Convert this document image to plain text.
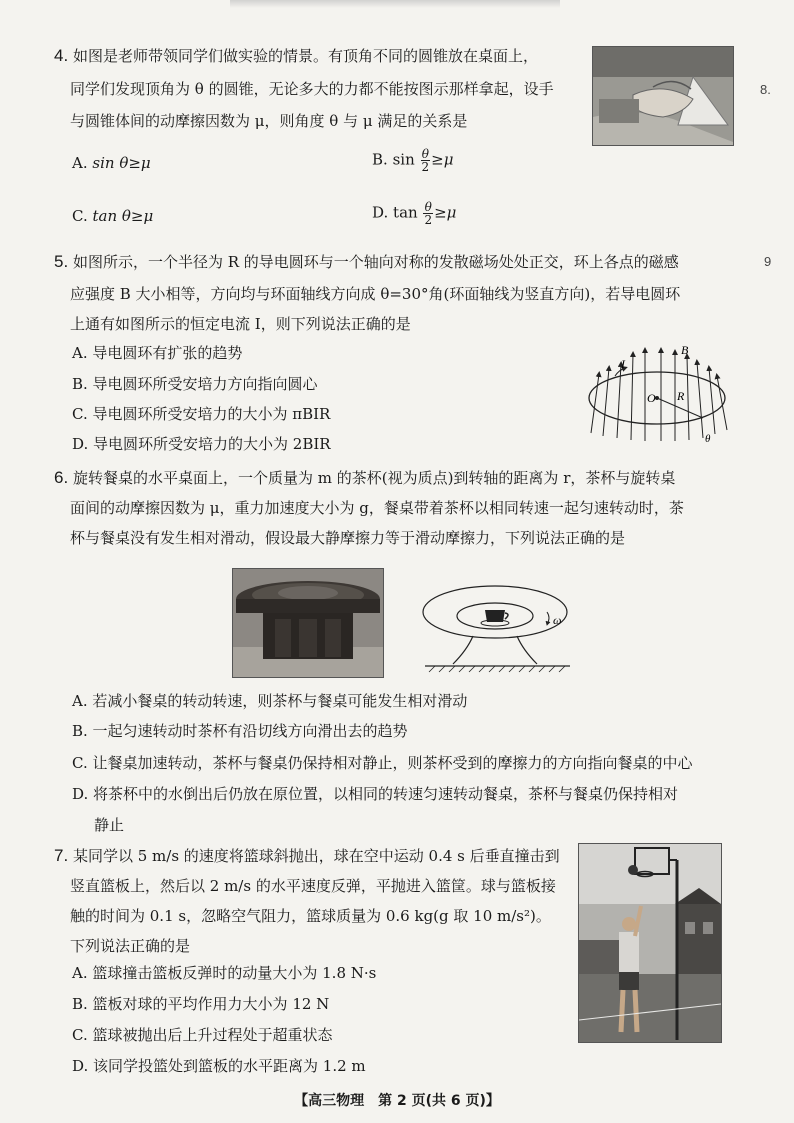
4. 如图是老师带领同学们做实验的情景。有顶角不同的圆锥放在桌面上，
同学们发现顶角为 θ 的圆锥，无论多大的力都不能按图示那样拿起，设手
与圆锥体间的动摩擦因数为 μ，则角度 θ 与 μ 满足的关系是
A. sin θ≥μ	B. $\sin \frac{\theta}{2} \ge\mu$
C. tan θ≥μ	D. $\tan \frac{\theta}{2} \ge\mu$
5. 如图所示，一个半径为 R 的导电圆环与一个轴向对称的发散磁场处处正交，环上各点的磁感
应强度 B 大小相等，方向均与环面轴线方向成 θ=30°角(环面轴线为竖直方向)，若导电圆环
上通有如图所示的恒定电流 I，则下列说法正确的是
A. 导电圆环有扩张的趋势
B. 导电圆环所受安培力方向指向圆心
C. 导电圆环所受安培力的大小为 πBIR
D. 导电圆环所受安培力的大小为 2BIR
O R
B
I
θ
6. 旋转餐桌的水平桌面上，一个质量为 m 的茶杯(视为质点)到转轴的距离为 r，茶杯与旋转桌
面间的动摩擦因数为 μ，重力加速度大小为 g，餐桌带着茶杯以相同转速一起匀速转动时，茶
杯与餐桌没有发生相对滑动，假设最大静摩擦力等于滑动摩擦力，下列说法正确的是
ω
A. 若减小餐桌的转动转速，则茶杯与餐桌可能发生相对滑动
B. 一起匀速转动时茶杯有沿切线方向滑出去的趋势
C. 让餐桌加速转动，茶杯与餐桌仍保持相对静止，则茶杯受到的摩擦力的方向指向餐桌的中心
D. 将茶杯中的水倒出后仍放在原位置，以相同的转速匀速转动餐桌，茶杯与餐桌仍保持相对
静止
7. 某同学以 5 m/s 的速度将篮球斜抛出，球在空中运动 0.4 s 后垂直撞击到
竖直篮板上，然后以 2 m/s 的水平速度反弹，平抛进入篮筐。球与篮板接
触的时间为 0.1 s，忽略空气阻力，篮球质量为 0.6 kg(g 取 10 m/s²)。
下列说法正确的是
A. 篮球撞击篮板反弹时的动量大小为 1.8 N·s
B. 篮板对球的平均作用力大小为 12 N
C. 篮球被抛出后上升过程处于超重状态
D. 该同学投篮处到篮板的水平距离为 1.2 m
8.
9
【高三物理　第 2 页(共 6 页)】
